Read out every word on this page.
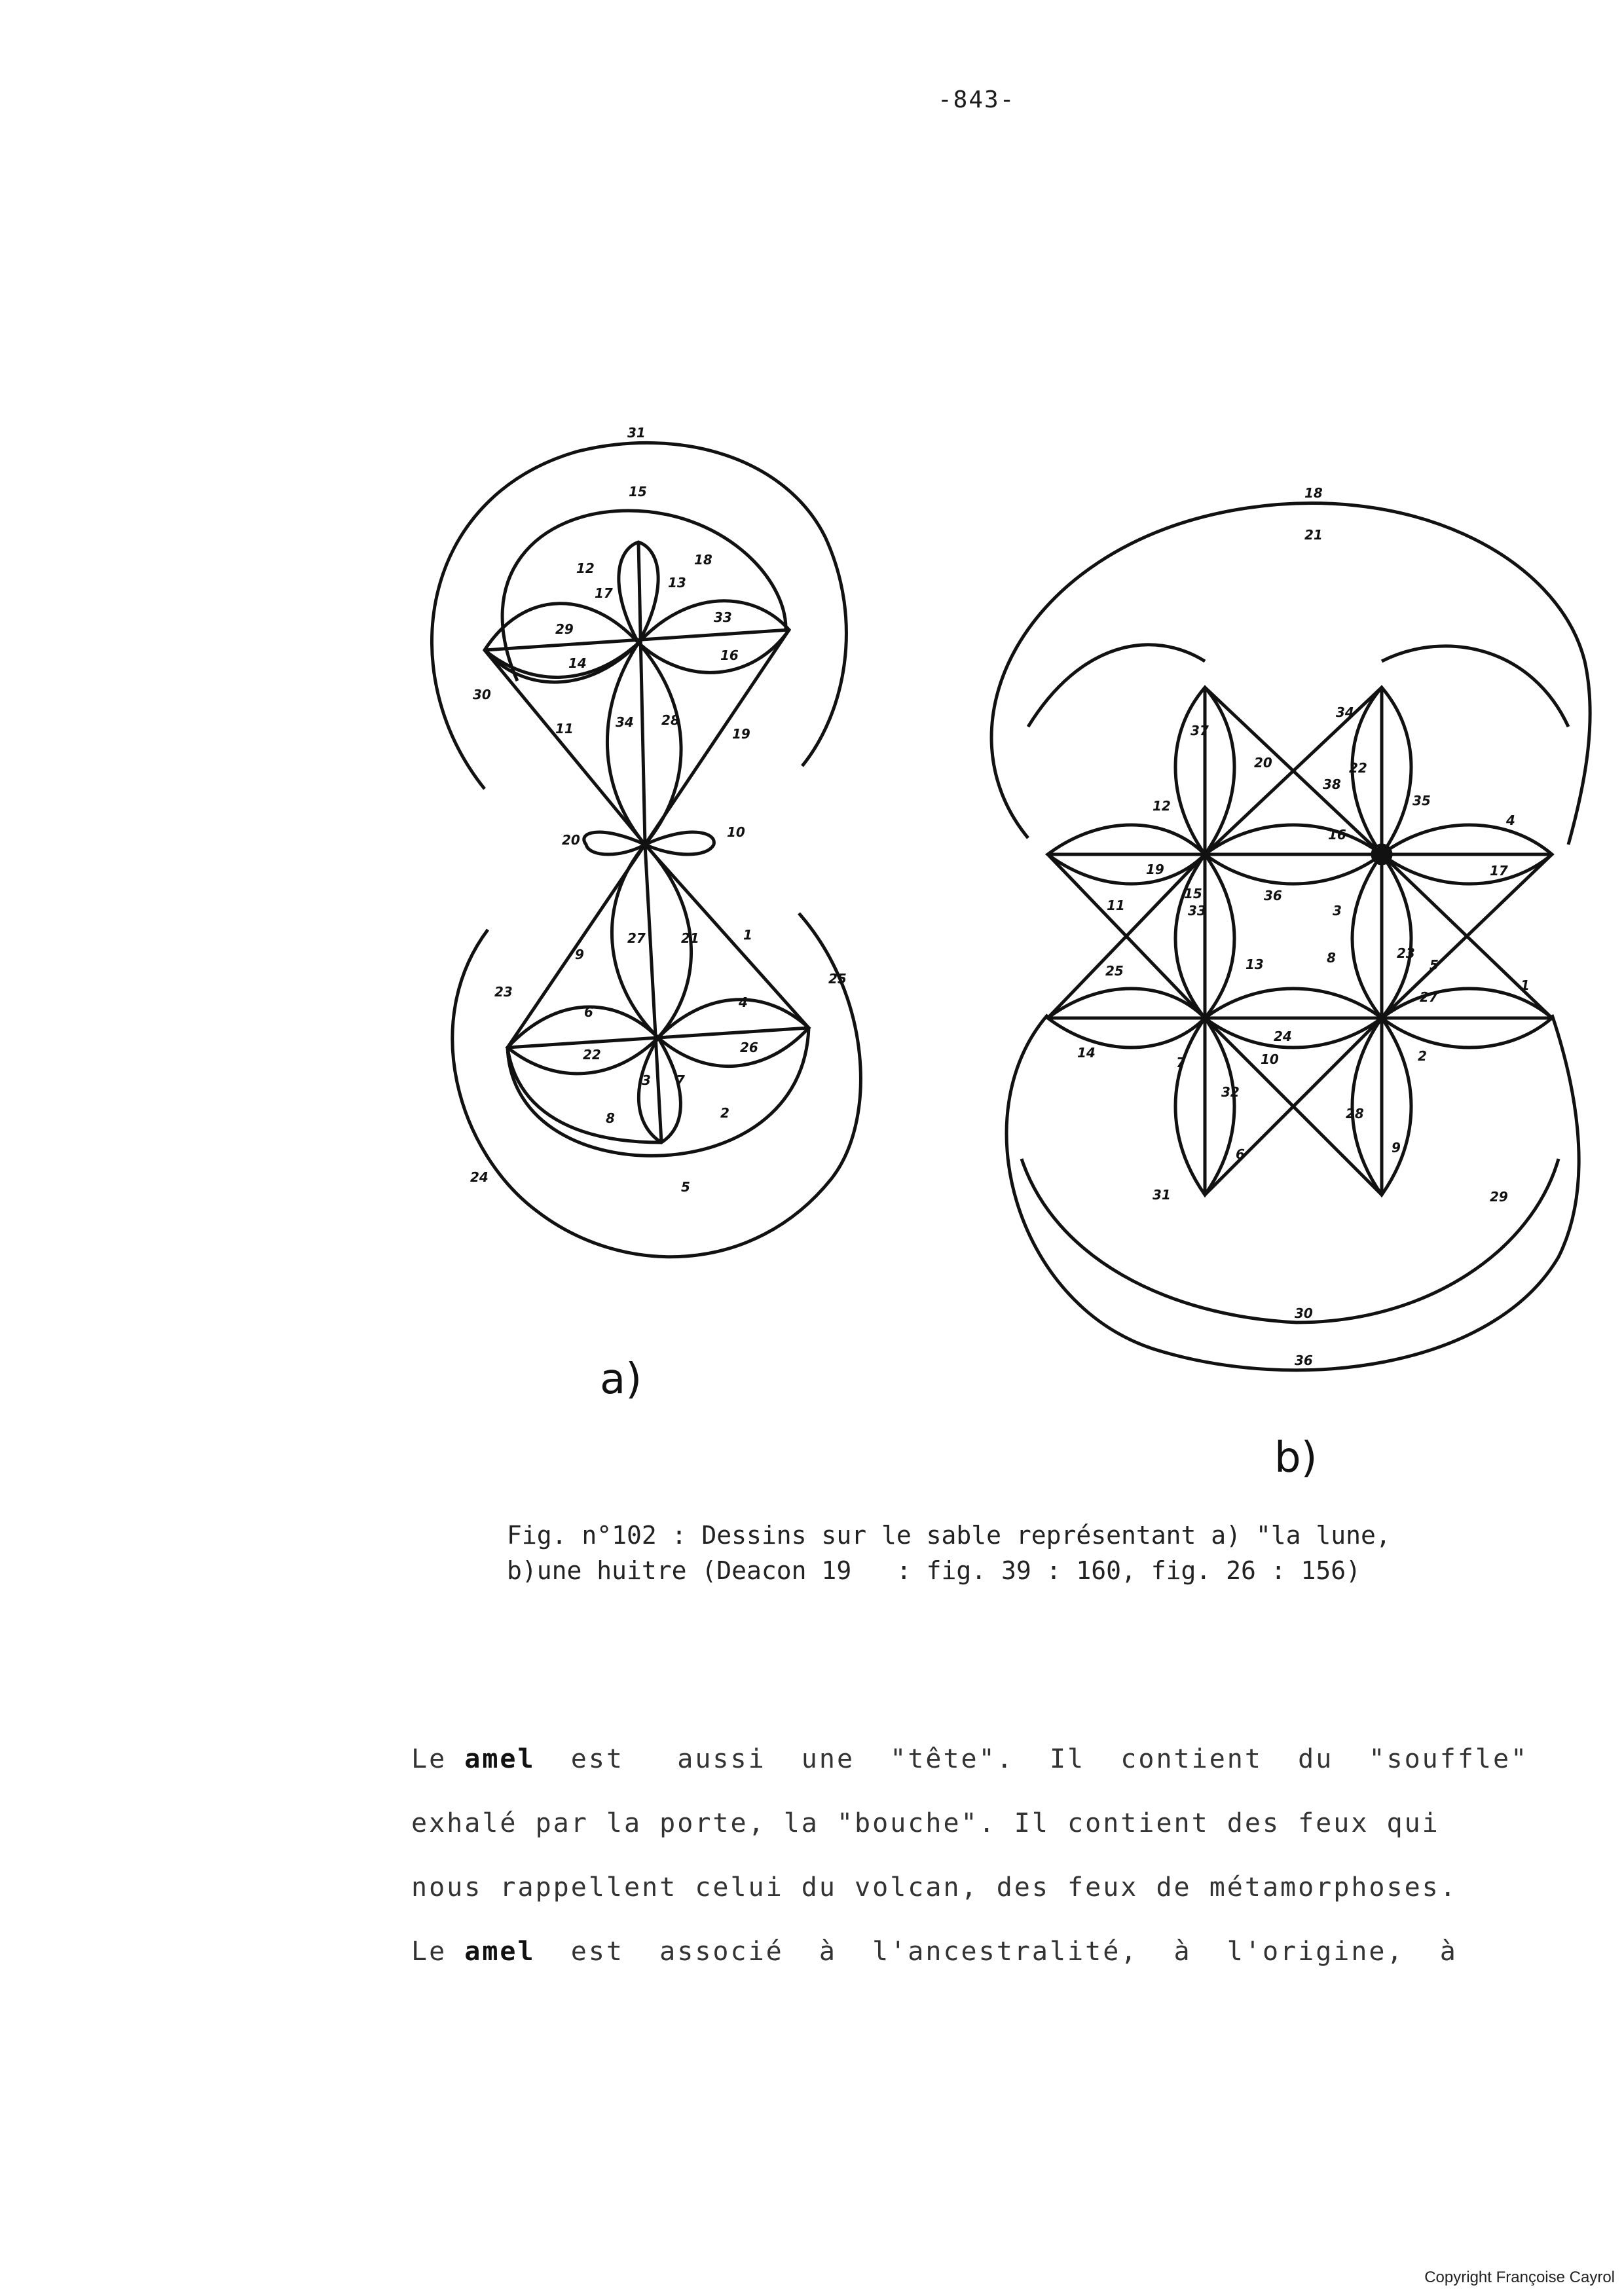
-843-
31
15
12
18
17
13
29
33
14	16
30
11	34 28
19
20	10
9
27	21	1
23
25
6
4
22	26
3 7
8	2
24
5
18
21
37
34
20	22
38
35
12
16
4
19
15	36
17
11	33	3
25	13	8	23
5
1
27
14
24
10	2
7
32
28
9
6
31	29
30
36
a)
b)
Fig. n°102 : Dessins sur le sable représentant a) "la lune,
b)une huitre (Deacon 19   : fig. 39 : 160, fig. 26 : 156)
Le amel  est   aussi  une  "tête".  Il  contient  du  "souffle"
exhalé par la porte, la "bouche". Il contient des feux qui
nous rappellent celui du volcan, des feux de métamorphoses.
Le amel  est  associé  à  l'ancestralité,  à  l'origine,  à
Copyright Françoise Cayrol
